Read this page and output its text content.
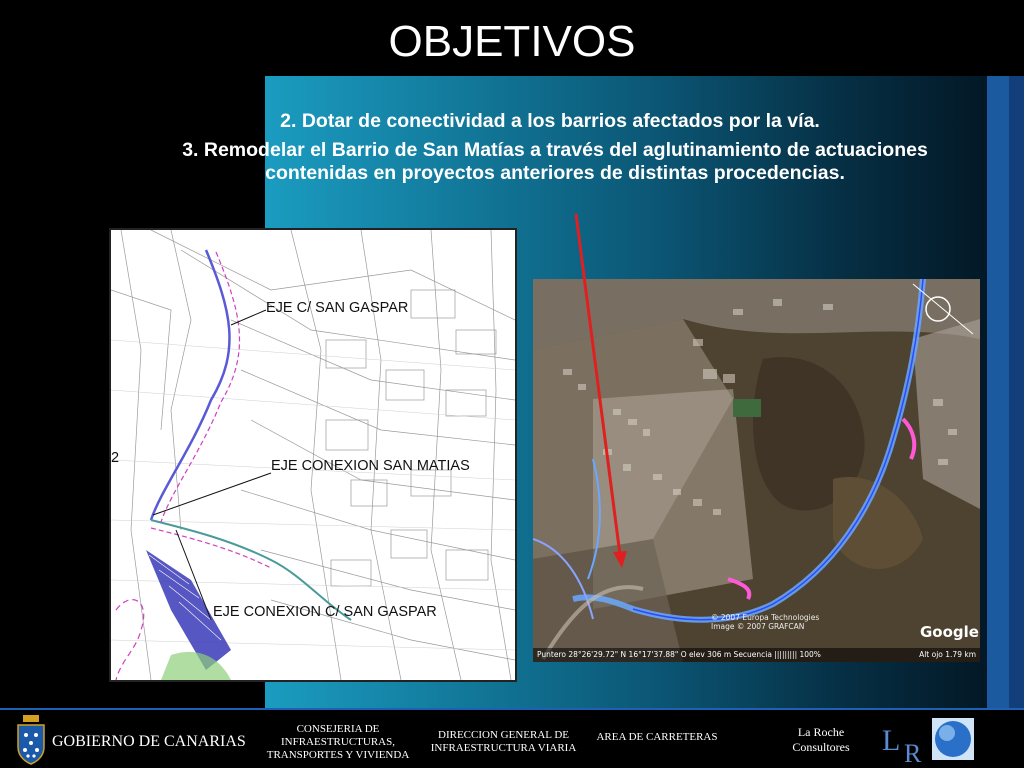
OBJETIVOS
2. Dotar de conectividad a los barrios afectados por la vía.
3. Remodelar el Barrio de San Matías a través del aglutinamiento de actuaciones contenidas en proyectos anteriores de distintas procedencias.
EJE C/ SAN GASPAR
EJE CONEXION SAN MATIAS
EJE CONEXION C/ SAN GASPAR
2
© 2007 Europa Technologies
Image © 2007 GRAFCAN	Google
Puntero 28°26'29.72" N 16°17'37.88" O elev 306 m Secuencia ||||||||| 100%	Alt ojo 1.79 km
GOBIERNO DE CANARIAS
CONSEJERIA DE INFRAESTRUCTURAS, TRANSPORTES Y VIVIENDA
DIRECCION GENERAL DE INFRAESTRUCTURA VIARIA
AREA DE CARRETERAS	La Roche Consultores	L R
